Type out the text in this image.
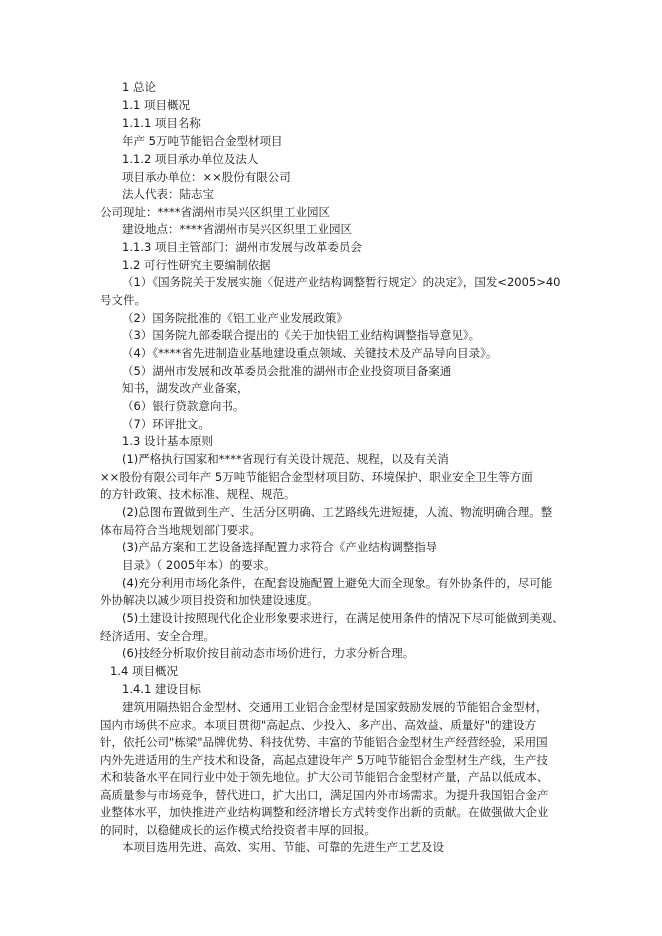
1 总论
1.1 项目概况
1.1.1 项目名称
年产 5万吨节能铝合金型材项目
1.1.2 项目承办单位及法人
项目承办单位：××股份有限公司
法人代表：陆志宝
公司现址：****省湖州市吴兴区织里工业园区
建设地点：****省湖州市吴兴区织里工业园区
1.1.3 项目主管部门：湖州市发展与改革委员会
1.2 可行性研究主要编制依据
（1）《国务院关于发展实施〈促进产业结构调整暂行规定〉的决定》，国发<2005>40
号文件。
（2）国务院批准的《铝工业产业发展政策》
（3）国务院九部委联合提出的《关于加快铝工业结构调整指导意见》。
（4）《****省先进制造业基地建设重点领域、关键技术及产品导向目录》。
（5）湖州市发展和改革委员会批准的湖州市企业投资项目备案通
知书，湖发改产业备案，
（6）银行贷款意向书。
（7）环评批文。
1.3 设计基本原则
(1)严格执行国家和****省现行有关设计规范、规程，以及有关消
××股份有限公司年产 5万吨节能铝合金型材项目防、环境保护、职业安全卫生等方面
的方针政策、技术标准、规程、规范。
(2)总图布置做到生产、生活分区明确、工艺路线先进短捷，人流、物流明确合理。整
体布局符合当地规划部门要求。
(3)产品方案和工艺设备选择配置力求符合《产业结构调整指导
目录》（ 2005年本）的要求。
(4)充分利用市场化条件，在配套设施配置上避免大而全现象。有外协条件的，尽可能
外协解决以减少项目投资和加快建设速度。
(5)土建设计按照现代化企业形象要求进行，在满足使用条件的情况下尽可能做到美观、
经济适用、安全合理。
(6)技经分析取价按目前动态市场价进行，力求分析合理。
1.4 项目概况
1.4.1 建设目标
建筑用隔热铝合金型材、交通用工业铝合金型材是国家鼓励发展的节能铝合金型材，国内市场供不应求。本项目贯彻"高起点、少投入、多产出、高效益、质量好"的建设方针，依托公司"栋梁"品牌优势、科技优势、丰富的节能铝合金型材生产经营经验，采用国内外先进适用的生产技术和设备，高起点建设年产 5万吨节能铝合金型材生产线，生产技术和装备水平在同行业中处于领先地位。扩大公司节能铝合金型材产量，产品以低成本、高质量参与市场竞争，替代进口，扩大出口，满足国内外市场需求。为提升我国铝合金产业整体水平，加快推进产业结构调整和经济增长方式转变作出新的贡献。在做强做大企业的同时，以稳健成长的运作模式给投资者丰厚的回报。
本项目选用先进、高效、实用、节能、可靠的先进生产工艺及设
